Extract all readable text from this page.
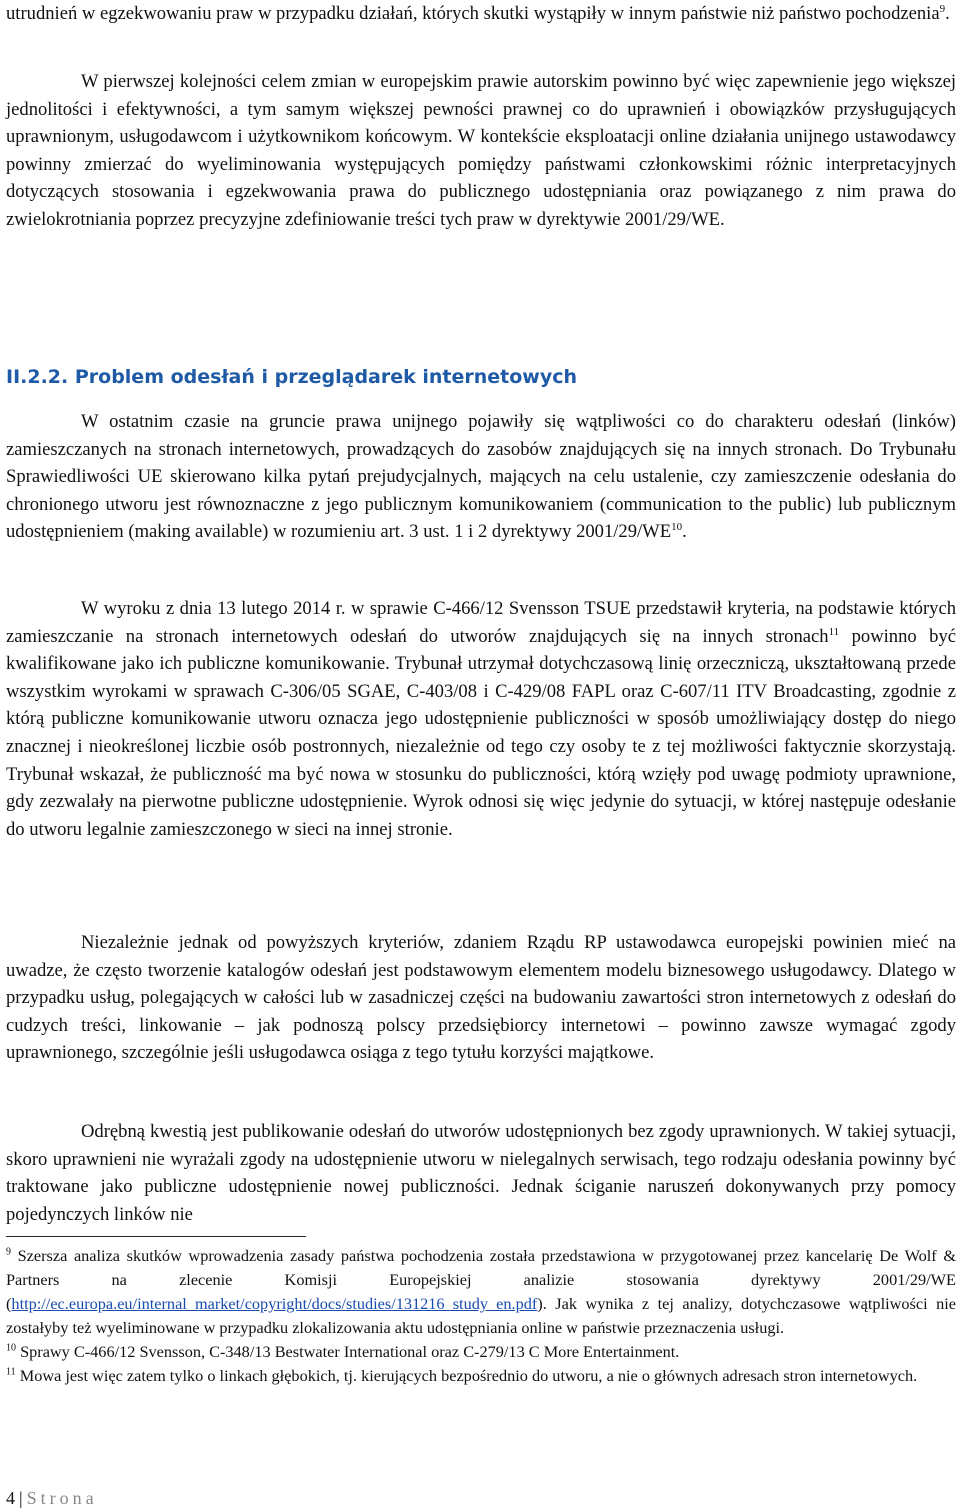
utrudnień w egzekwowaniu praw w przypadku działań, których skutki wystąpiły w innym państwie niż państwo pochodzenia$^9$.

W pierwszej kolejności celem zmian w europejskim prawie autorskim powinno być więc zapewnienie jego większej jednolitości i efektywności, a tym samym większej pewności prawnej co do uprawnień i obowiązków przysługujących uprawnionym, usługodawcom i użytkownikom końcowym. W kontekście eksploatacji online działania unijnego ustawodawcy powinny zmierzać do wyeliminowania występujących pomiędzy państwami członkowskimi różnic interpretacyjnych dotyczących stosowania i egzekwowania prawa do publicznego udostępniania oraz powiązanego z nim prawa do zwielokrotniania poprzez precyzyjne zdefiniowanie treści tych praw w dyrektywie 2001/29/WE.

II.2.2. Problem odesłań i przeglądarek internetowych

W ostatnim czasie na gruncie prawa unijnego pojawiły się wątpliwości co do charakteru odesłań (linków) zamieszczanych na stronach internetowych, prowadzących do zasobów znajdujących się na innych stronach. Do Trybunału Sprawiedliwości UE skierowano kilka pytań prejudycjalnych, mających na celu ustalenie, czy zamieszczenie odesłania do chronionego utworu jest równoznaczne z jego publicznym komunikowaniem (communication to the public) lub publicznym udostępnieniem (making available) w rozumieniu art. 3 ust. 1 i 2 dyrektywy 2001/29/WE$^{10}$.

W wyroku z dnia 13 lutego 2014 r. w sprawie C-466/12 Svensson TSUE przedstawił kryteria, na podstawie których zamieszczanie na stronach internetowych odesłań do utworów znajdujących się na innych stronach$^{11}$ powinno być kwalifikowane jako ich publiczne komunikowanie. Trybunał utrzymał dotychczasową linię orzeczniczą, ukształtowaną przede wszystkim wyrokami w sprawach C-306/05 SGAE, C-403/08 i C-429/08 FAPL oraz C-607/11 ITV Broadcasting, zgodnie z którą publiczne komunikowanie utworu oznacza jego udostępnienie publiczności w sposób umożliwiający dostęp do niego znacznej i nieokreślonej liczbie osób postronnych, niezależnie od tego czy osoby te z tej możliwości faktycznie skorzystają. Trybunał wskazał, że publiczność ma być nowa w stosunku do publiczności, którą wzięły pod uwagę podmioty uprawnione, gdy zezwalały na pierwotne publiczne udostępnienie. Wyrok odnosi się więc jedynie do sytuacji, w której następuje odesłanie do utworu legalnie zamieszczonego w sieci na innej stronie.

Niezależnie jednak od powyższych kryteriów, zdaniem Rządu RP ustawodawca europejski powinien mieć na uwadze, że często tworzenie katalogów odesłań jest podstawowym elementem modelu biznesowego usługodawcy. Dlatego w przypadku usług, polegających w całości lub w zasadniczej części na budowaniu zawartości stron internetowych z odesłań do cudzych treści, linkowanie – jak podnoszą polscy przedsiębiorcy internetowi – powinno zawsze wymagać zgody uprawnionego, szczególnie jeśli usługodawca osiąga z tego tytułu korzyści majątkowe.

Odrębną kwestią jest publikowanie odesłań do utworów udostępnionych bez zgody uprawnionych. W takiej sytuacji, skoro uprawnieni nie wyrażali zgody na udostępnienie utworu w nielegalnych serwisach, tego rodzaju odesłania powinny być traktowane jako publiczne udostępnienie nowej publiczności. Jednak ściganie naruszeń dokonywanych przy pomocy pojedynczych linków nie

$^9$ Szersza analiza skutków wprowadzenia zasady państwa pochodzenia została przedstawiona w przygotowanej przez kancelarię De Wolf & Partners na zlecenie Komisji Europejskiej analizie stosowania dyrektywy 2001/29/WE (http://ec.europa.eu/internal_market/copyright/docs/studies/131216_study_en.pdf). Jak wynika z tej analizy, dotychczasowe wątpliwości nie zostałyby też wyeliminowane w przypadku zlokalizowania aktu udostępniania online w państwie przeznaczenia usługi.

$^{10}$ Sprawy C-466/12 Svensson, C-348/13 Bestwater International oraz C-279/13 C More Entertainment.

$^{11}$ Mowa jest więc zatem tylko o linkach głębokich, tj. kierujących bezpośrednio do utworu, a nie o głównych adresach stron internetowych.

4 | Strona
